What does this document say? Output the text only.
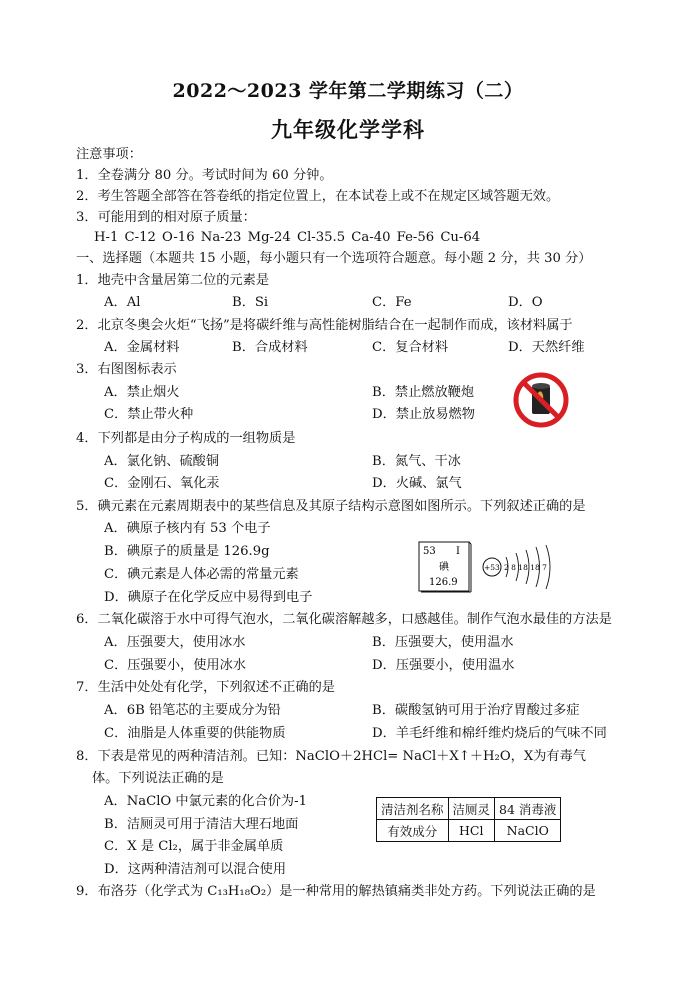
2022～2023 学年第二学期练习（二）
九年级化学学科
注意事项：
1．全卷满分 80 分。考试时间为 60 分钟。
2．考生答题全部答在答卷纸的指定位置上，在本试卷上或不在规定区域答题无效。
3．可能用到的相对原子质量：
H-1 C-12 O-16 Na-23 Mg-24 Cl-35.5 Ca-40 Fe-56 Cu-64
一、选择题（本题共 15 小题，每小题只有一个选项符合题意。每小题 2 分，共 30 分）
1．地壳中含量居第二位的元素是
A．Al	B．Si	C．Fe	D．O
2．北京冬奥会火炬“飞扬”是将碳纤维与高性能树脂结合在一起制作而成，该材料属于
A．金属材料	B．合成材料	C．复合材料	D．天然纤维
3．右图图标表示
A．禁止烟火	B．禁止燃放鞭炮
C．禁止带火种	D．禁止放易燃物
4．下列都是由分子构成的一组物质是
A．氯化钠、硫酸铜	B．氮气、干冰
C．金刚石、氧化汞	D．火碱、氯气
5．碘元素在元素周期表中的某些信息及其原子结构示意图如图所示。下列叙述正确的是
A．碘原子核内有 53 个电子
B．碘原子的质量是 126.9g
C．碘元素是人体必需的常量元素
D．碘原子在化学反应中易得到电子
53 I
碘
126.9
+53 2 8 18 18 7
6．二氧化碳溶于水中可得气泡水，二氧化碳溶解越多，口感越佳。制作气泡水最佳的方法是
A．压强要大，使用冰水	B．压强要大，使用温水
C．压强要小，使用冰水	D．压强要小，使用温水
7．生活中处处有化学，下列叙述不正确的是
A．6B 铅笔芯的主要成分为铅	B．碳酸氢钠可用于治疗胃酸过多症
C．油脂是人体重要的供能物质	D．羊毛纤维和棉纤维灼烧后的气味不同
8．下表是常见的两种清洁剂。已知：NaClO＋2HCl= NaCl＋X↑＋H₂O，X为有毒气
体。下列说法正确的是
A．NaClO 中氯元素的化合价为-1
B．洁厕灵可用于清洁大理石地面
C．X 是 Cl₂，属于非金属单质
D．这两种清洁剂可以混合使用
清洁剂名称	洁厕灵	84 消毒液
有效成分	HCl	NaClO
9．布洛芬（化学式为 C₁₃H₁₈O₂）是一种常用的解热镇痛类非处方药。下列说法正确的是
